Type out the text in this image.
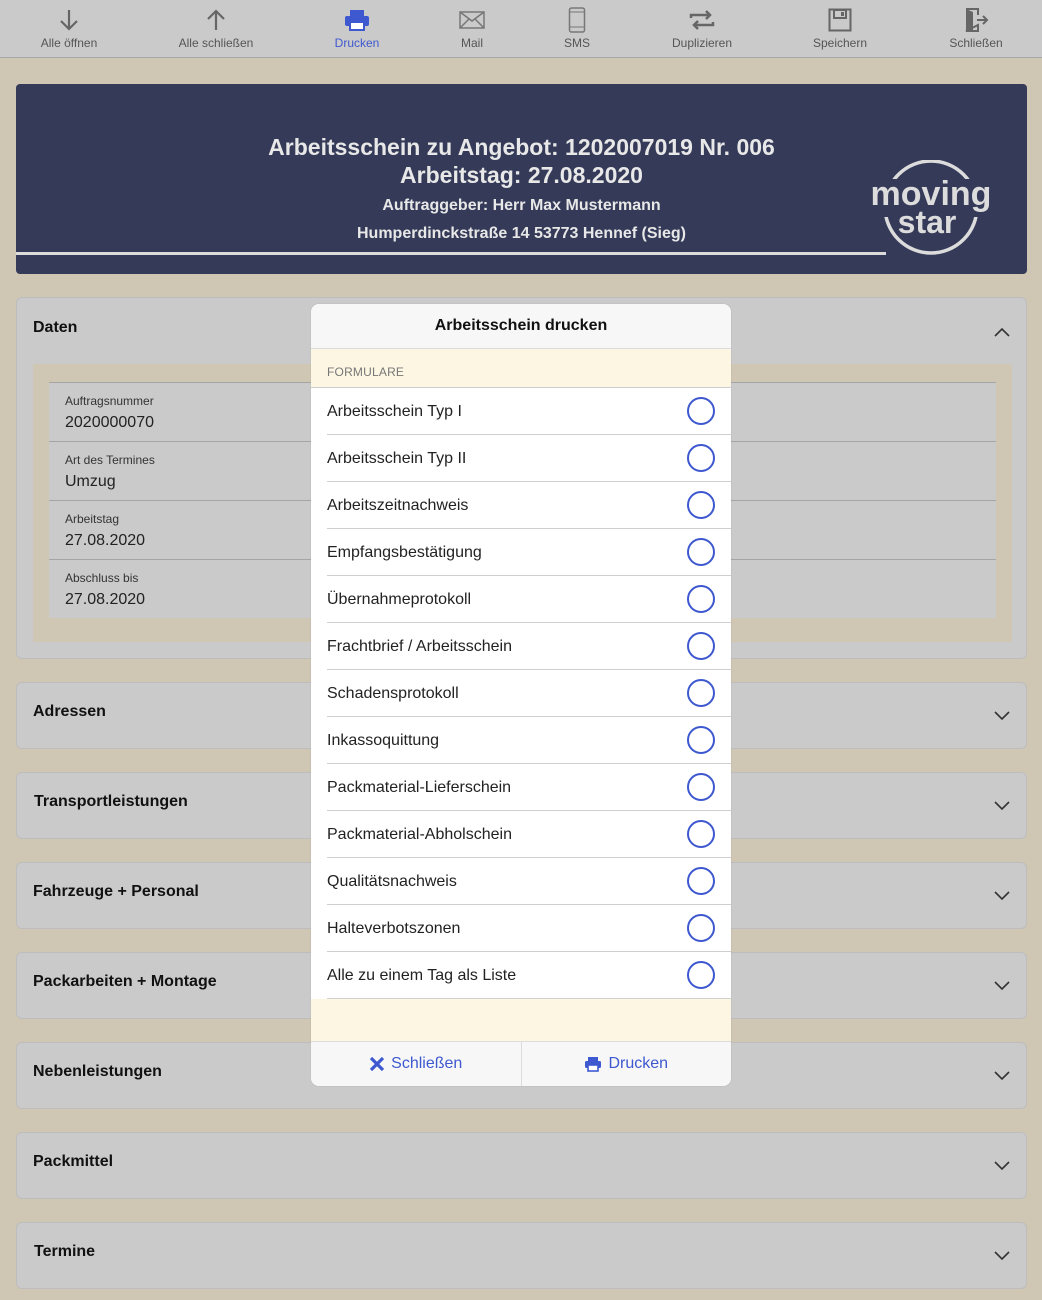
Alle öffnen	Alle schließen	Drucken	Mail	SMS	Duplizieren	Speichern	Schließen
Arbeitsschein zu Angebot: 1202007019 Nr. 006
Arbeitstag: 27.08.2020
Auftraggeber: Herr Max Mustermann
Humperdinckstraße 14 53773 Hennef (Sieg)
moving
star
Daten
Auftragsnummer
2020000070
Art des Termines
Umzug
Arbeitstag
27.08.2020
Abschluss bis
27.08.2020
Adressen
Transportleistungen
Fahrzeuge + Personal
Packarbeiten + Montage
Nebenleistungen
Packmittel
Termine
Arbeitsschein drucken
FORMULARE
Arbeitsschein Typ I
Arbeitsschein Typ II
Arbeitszeitnachweis
Empfangsbestätigung
Übernahmeprotokoll
Frachtbrief / Arbeitsschein
Schadensprotokoll
Inkassoquittung
Packmaterial-Lieferschein
Packmaterial-Abholschein
Qualitätsnachweis
Halteverbotszonen
Alle zu einem Tag als Liste
Schließen	Drucken
